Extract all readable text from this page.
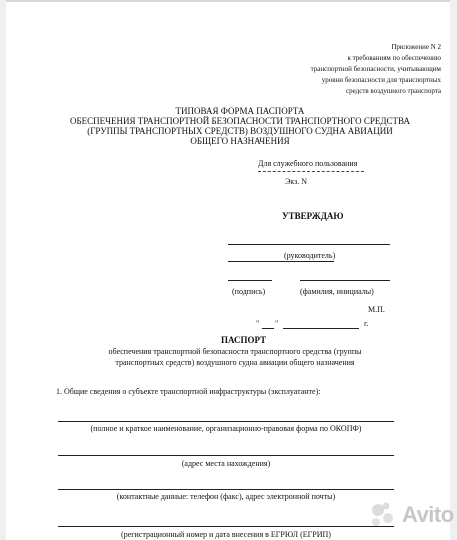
Приложение N 2
к требованиям по обеспечению
транспортной безопасности, учитывающим
уровни безопасности для транспортных
средств воздушного транспорта
ТИПОВАЯ ФОРМА ПАСПОРТА
ОБЕСПЕЧЕНИЯ ТРАНСПОРТНОЙ БЕЗОПАСНОСТИ ТРАНСПОРТНОГО СРЕДСТВА
(ГРУППЫ ТРАНСПОРТНЫХ СРЕДСТВ) ВОЗДУШНОГО СУДНА АВИАЦИИ
ОБЩЕГО НАЗНАЧЕНИЯ
Для служебного пользования
Экз. N
УТВЕРЖДАЮ
(руководитель)
(подпись)	(фамилия, инициалы)
М.П.
" "	г.
ПАСПОРТ
обеспечения транспортной безопасности транспортного средства (группы
транспортных средств) воздушного судна авиации общего назначения
1. Общие сведения о субъекте транспортной инфраструктуры (эксплуатанте):
(полное и краткое наименование, организационно-правовая форма по ОКОПФ)
(адрес места нахождения)
(контактные данные: телефон (факс), адрес электронной почты)
(регистрационный номер и дата внесения в ЕГРЮЛ (ЕГРИП)
Avito
